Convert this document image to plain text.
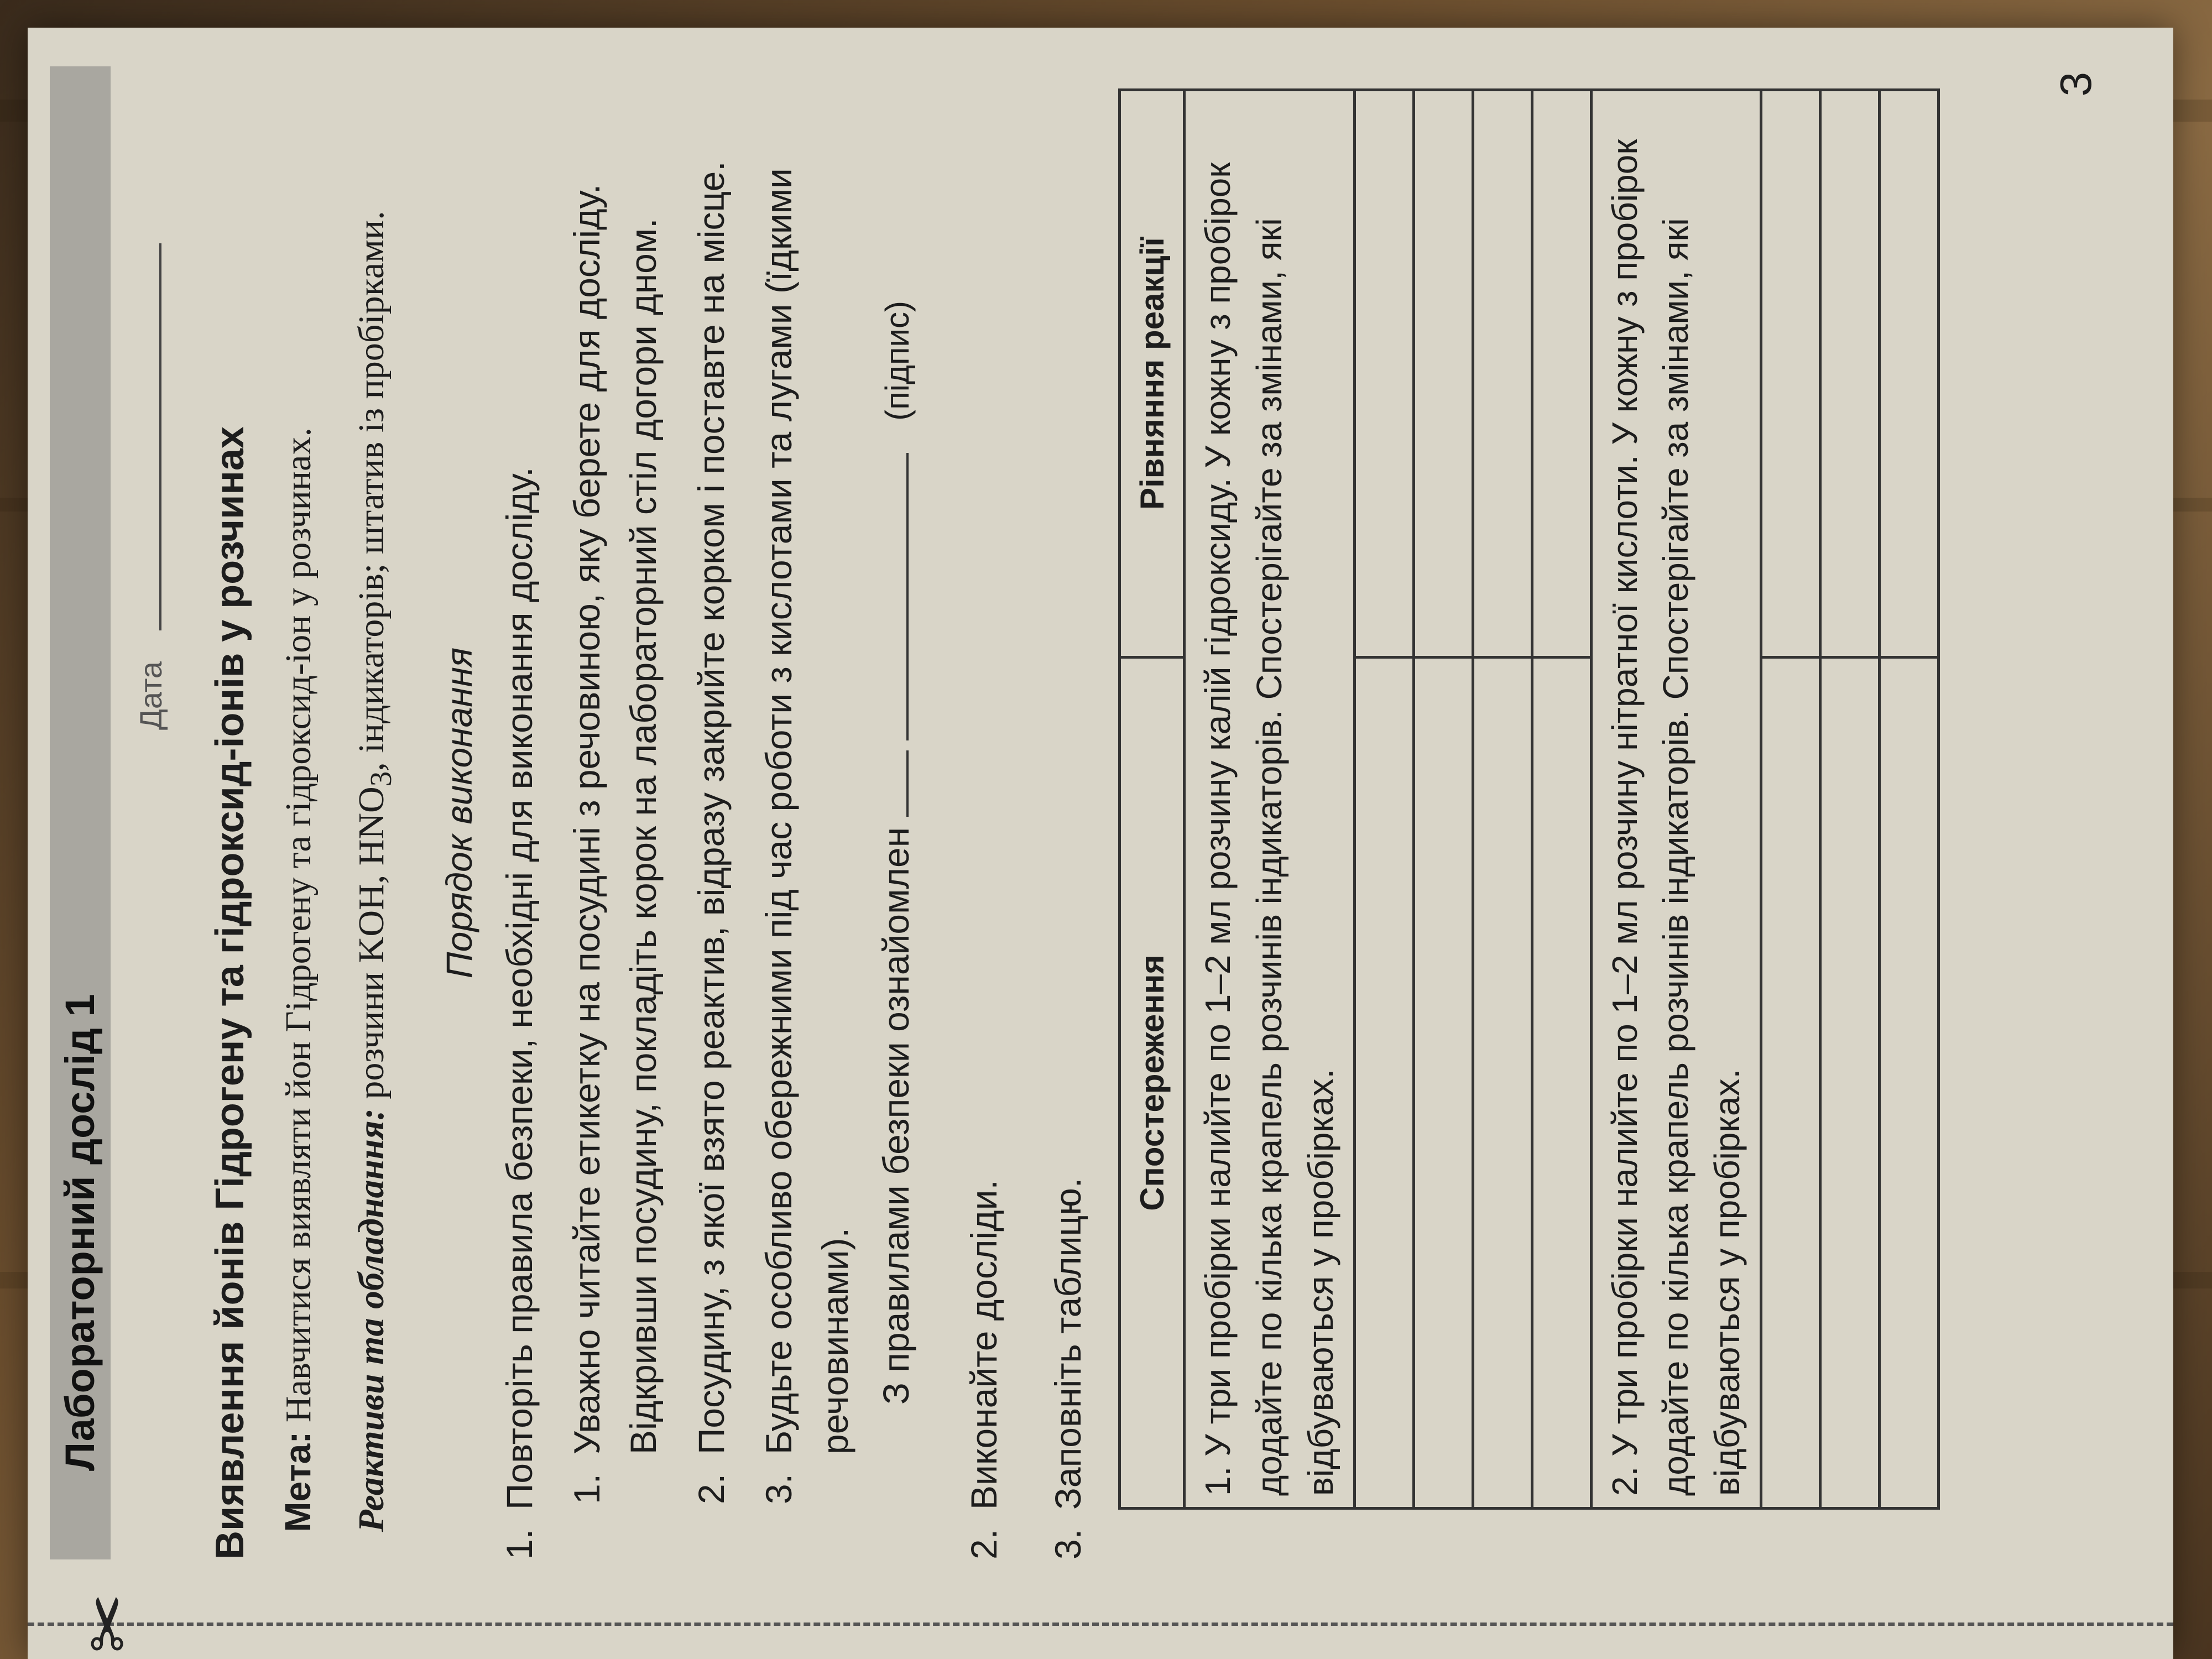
✂
Лабораторний дослід 1
Дата Виявлення йонів Гідрогену та гідроксид-іонів у розчинах Мета: Навчитися виявляти йон Гідрогену та гідроксид-іон у розчинах. Реактиви та обладнання: розчини KOH, $HNO_3$, індикаторів; штатив із пробірками.
Порядок виконання
1.
Повторіть правила безпеки, необхідні для виконання досліду. 1.
Уважно читайте етикетку на посудині з речовиною, яку берете для досліду. Відкривши посудину, покладіть корок на лабораторний стіл догори дном.
2.
Посудину, з якої взято реактив, відразу закрийте корком і поставте на місце.
3.
Будьте особливо обережними під час роботи з кислотами та лугами (їдкими речовинами). З правилами безпеки ознайомлен   (підпис)
2.
Виконайте досліди.
3.
Заповніть таблицю.
Спостереження	Рівняння реакції
1. У три пробірки налийте по 1–2 мл розчину калій гідроксиду. У кожну з пробірок додайте по кілька крапель розчинів індикаторів. Спостерігайте за змінами, які відбуваються у пробірках.	

2. У три пробірки налийте по 1–2 мл розчину нітратної кислоти. У кожну з пробірок додайте по кілька крапель розчинів індикаторів. Спостерігайте за змінами, які відбуваються у пробірках.	

3
